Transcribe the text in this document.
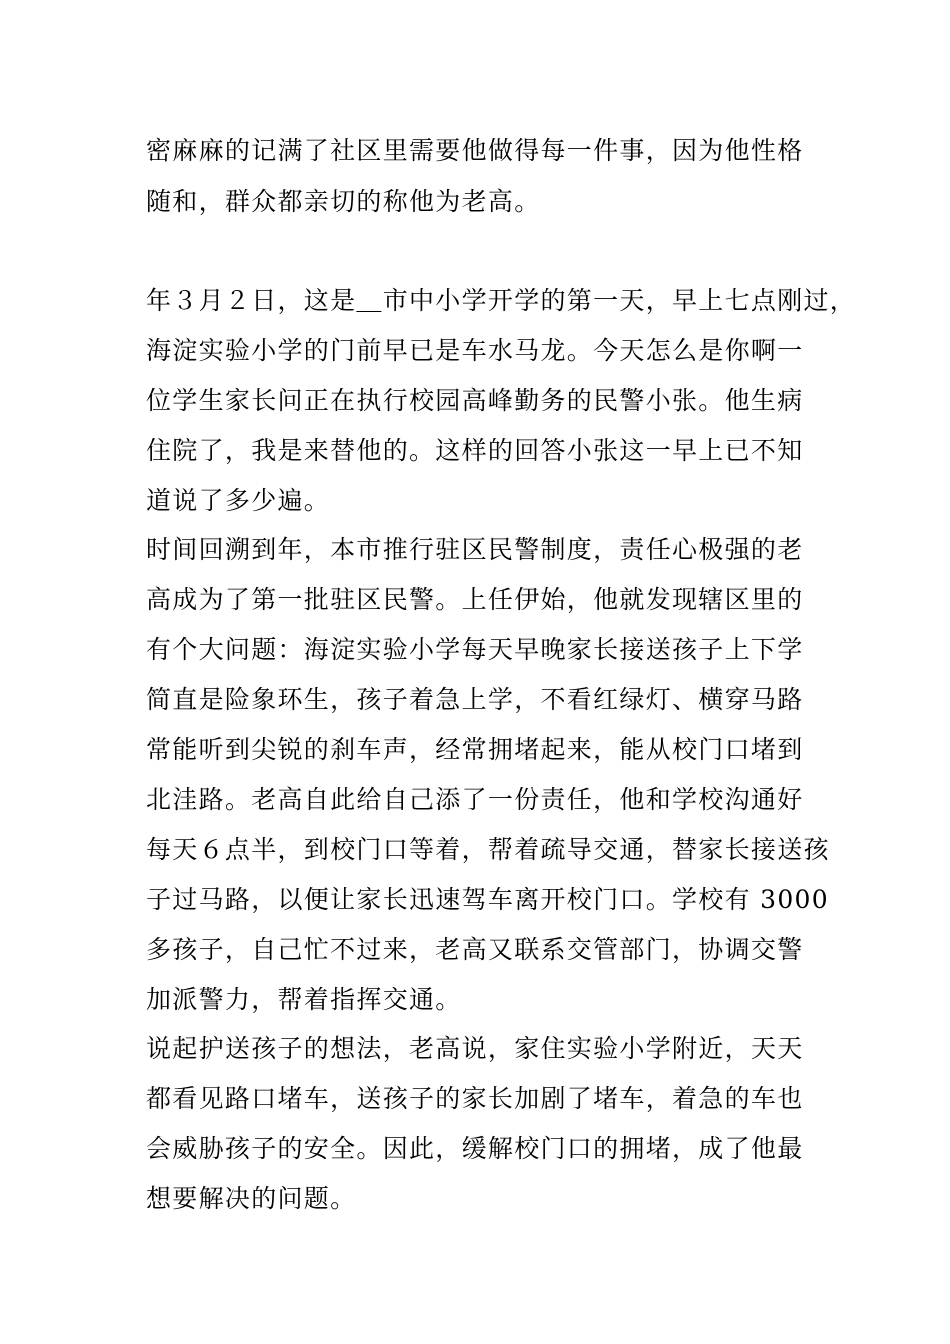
密麻麻的记满了社区里需要他做得每一件事，因为他性格
随和，群众都亲切的称他为老高。
年３月２日，这是＿市中小学开学的第一天，早上七点刚过，
海淀实验小学的门前早已是车水马龙。今天怎么是你啊一
位学生家长问正在执行校园高峰勤务的民警小张。他生病
住院了，我是来替他的。这样的回答小张这一早上已不知
道说了多少遍。
时间回溯到年，本市推行驻区民警制度，责任心极强的老
高成为了第一批驻区民警。上任伊始，他就发现辖区里的
有个大问题：海淀实验小学每天早晚家长接送孩子上下学
简直是险象环生，孩子着急上学，不看红绿灯、横穿马路
常能听到尖锐的刹车声，经常拥堵起来，能从校门口堵到
北洼路。老高自此给自己添了一份责任，他和学校沟通好
每天６点半，到校门口等着，帮着疏导交通，替家长接送孩
子过马路，以便让家长迅速驾车离开校门口。学校有 3000
多孩子，自己忙不过来，老高又联系交管部门，协调交警
加派警力，帮着指挥交通。
说起护送孩子的想法，老高说，家住实验小学附近，天天
都看见路口堵车，送孩子的家长加剧了堵车，着急的车也
会威胁孩子的安全。因此，缓解校门口的拥堵，成了他最
想要解决的问题。
